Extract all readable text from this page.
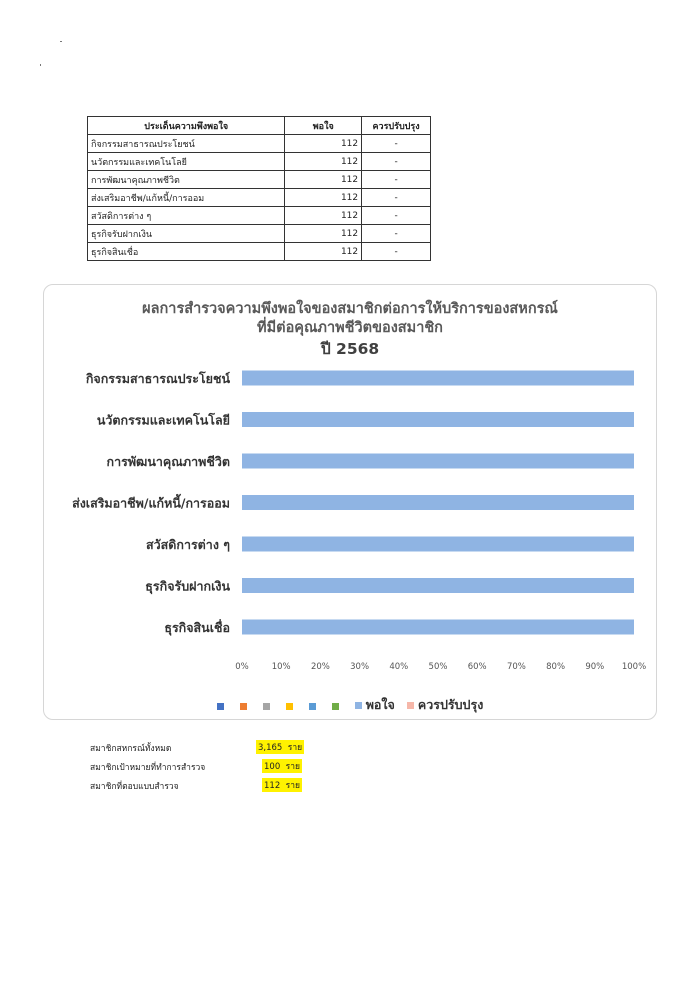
ประเด็นความพึงพอใจ	พอใจ	ควรปรับปรุง
กิจกรรมสาธารณประโยชน์	112	-
นวัตกรรมและเทคโนโลยี	112	-
การพัฒนาคุณภาพชีวิต	112	-
ส่งเสริมอาชีพ/แก้หนี้/การออม	112	-
สวัสดิการต่าง ๆ	112	-
ธุรกิจรับฝากเงิน	112	-
ธุรกิจสินเชื่อ	112	-
ผลการสำรวจความพึงพอใจของสมาชิกต่อการให้บริการของสหกรณ์
ที่มีต่อคุณภาพชีวิตของสมาชิก
ปี 2568
กิจกรรมสาธารณประโยชน์
นวัตกรรมและเทคโนโลยี
การพัฒนาคุณภาพชีวิต
ส่งเสริมอาชีพ/แก้หนี้/การออม
สวัสดิการต่าง ๆ
ธุรกิจรับฝากเงิน
ธุรกิจสินเชื่อ
0%	10% 20% 30% 40% 50% 60% 70% 80% 90% 100%
พอใจ ควรปรับปรุง
สมาชิกสหกรณ์ทั้งหมด	3,165 ราย
สมาชิกเป้าหมายที่ทำการสำรวจ	100 ราย
สมาชิกที่ตอบแบบสำรวจ	112 ราย
